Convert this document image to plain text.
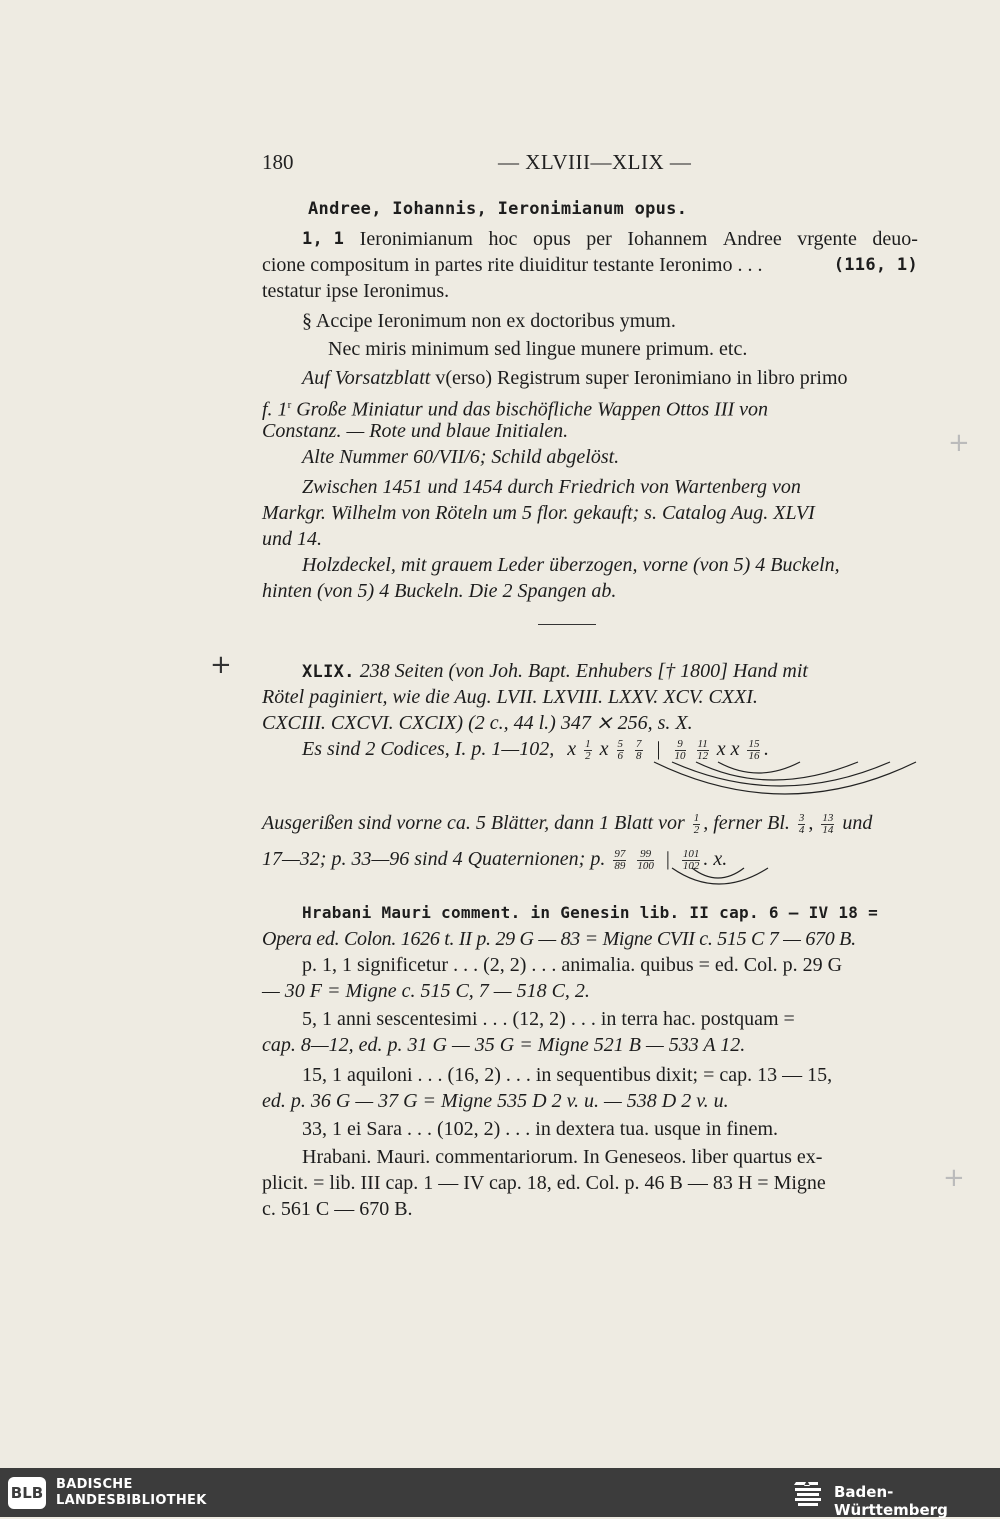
+
+
180	— XLVIII—XLIX —
Andree, Iohannis, Ieronimianum opus.
1, 1 Ieronimianum hoc opus per Iohannem Andree vrgente deuo-
cione compositum in partes rite diuiditur testante Ieronimo . . .	(116, 1)
testatur ipse Ieronimus.
§ Accipe Ieronimum non ex doctoribus ymum.
Nec miris minimum sed lingue munere primum. etc.
Auf Vorsatzblatt v(erso) Registrum super Ieronimiano in libro primo
f. 1$^r$ Große Miniatur und das bischöfliche Wappen Ottos III von
Constanz. — Rote und blaue Initialen.
Alte Nummer 60/VII/6; Schild abgelöst.
Zwischen 1451 und 1454 durch Friedrich von Wartenberg von
Markgr. Wilhelm von Röteln um 5 flor. gekauft; s. Catalog Aug. XLVI
und 14.
Holzdeckel, mit grauem Leder überzogen, vorne (von 5) 4 Buckeln,
hinten (von 5) 4 Buckeln. Die 2 Spangen ab.
XLIX. 238 Seiten (von Joh. Bapt. Enhubers [† 1800] Hand mit
Rötel paginiert, wie die Aug. LVII. LXVIII. LXXV. XCV. CXXI.
CXCIII. CXCVI. CXCIX) (2 c., 44 l.) 347 ⨯ 256, s. X.
Es sind 2 Codices, I. p. 1—102, x $\frac{1}{2}$ x $\frac{5}{6}$
$\frac{7}{8}$ | $\frac{9}{10}$
$\frac{11}{12}$ x x $\frac{15}{16}$ .
Ausgerißen sind vorne ca. 5 Blätter, dann 1 Blatt vor $\frac{1}{2}$ , ferner Bl. $\frac{3}{4}$ , $\frac{13}{14}$ und
17—32; p. 33—96 sind 4 Quaternionen; p. $\frac{97}{89}$
$\frac{99}{100}$ | $\frac{101}{102}$ . x.
Hrabani Mauri comment. in Genesin lib. II cap. 6 — IV 18 =
Opera ed. Colon. 1626 t. II p. 29 G — 83 = Migne CVII c. 515 C 7 — 670 B.
p. 1, 1 significetur . . . (2, 2) . . . animalia. quibus = ed. Col. p. 29 G
— 30 F = Migne c. 515 C, 7 — 518 C, 2.
5, 1 anni sescentesimi . . . (12, 2) . . . in terra hac. postquam =
cap. 8—12, ed. p. 31 G — 35 G = Migne 521 B — 533 A 12.
15, 1 aquiloni . . . (16, 2) . . . in sequentibus dixit; = cap. 13 — 15,
ed. p. 36 G — 37 G = Migne 535 D 2 v. u. — 538 D 2 v. u.
33, 1 ei Sara . . . (102, 2) . . . in dextera tua. usque in finem.
Hrabani. Mauri. commentariorum. In Geneseos. liber quartus ex-
plicit. = lib. III cap. 1 — IV cap. 18, ed. Col. p. 46 B — 83 H = Migne
c. 561 C — 670 B.
+
BLB BADISCHE
LANDESBIBLIOTHEK	Baden-Württemberg
